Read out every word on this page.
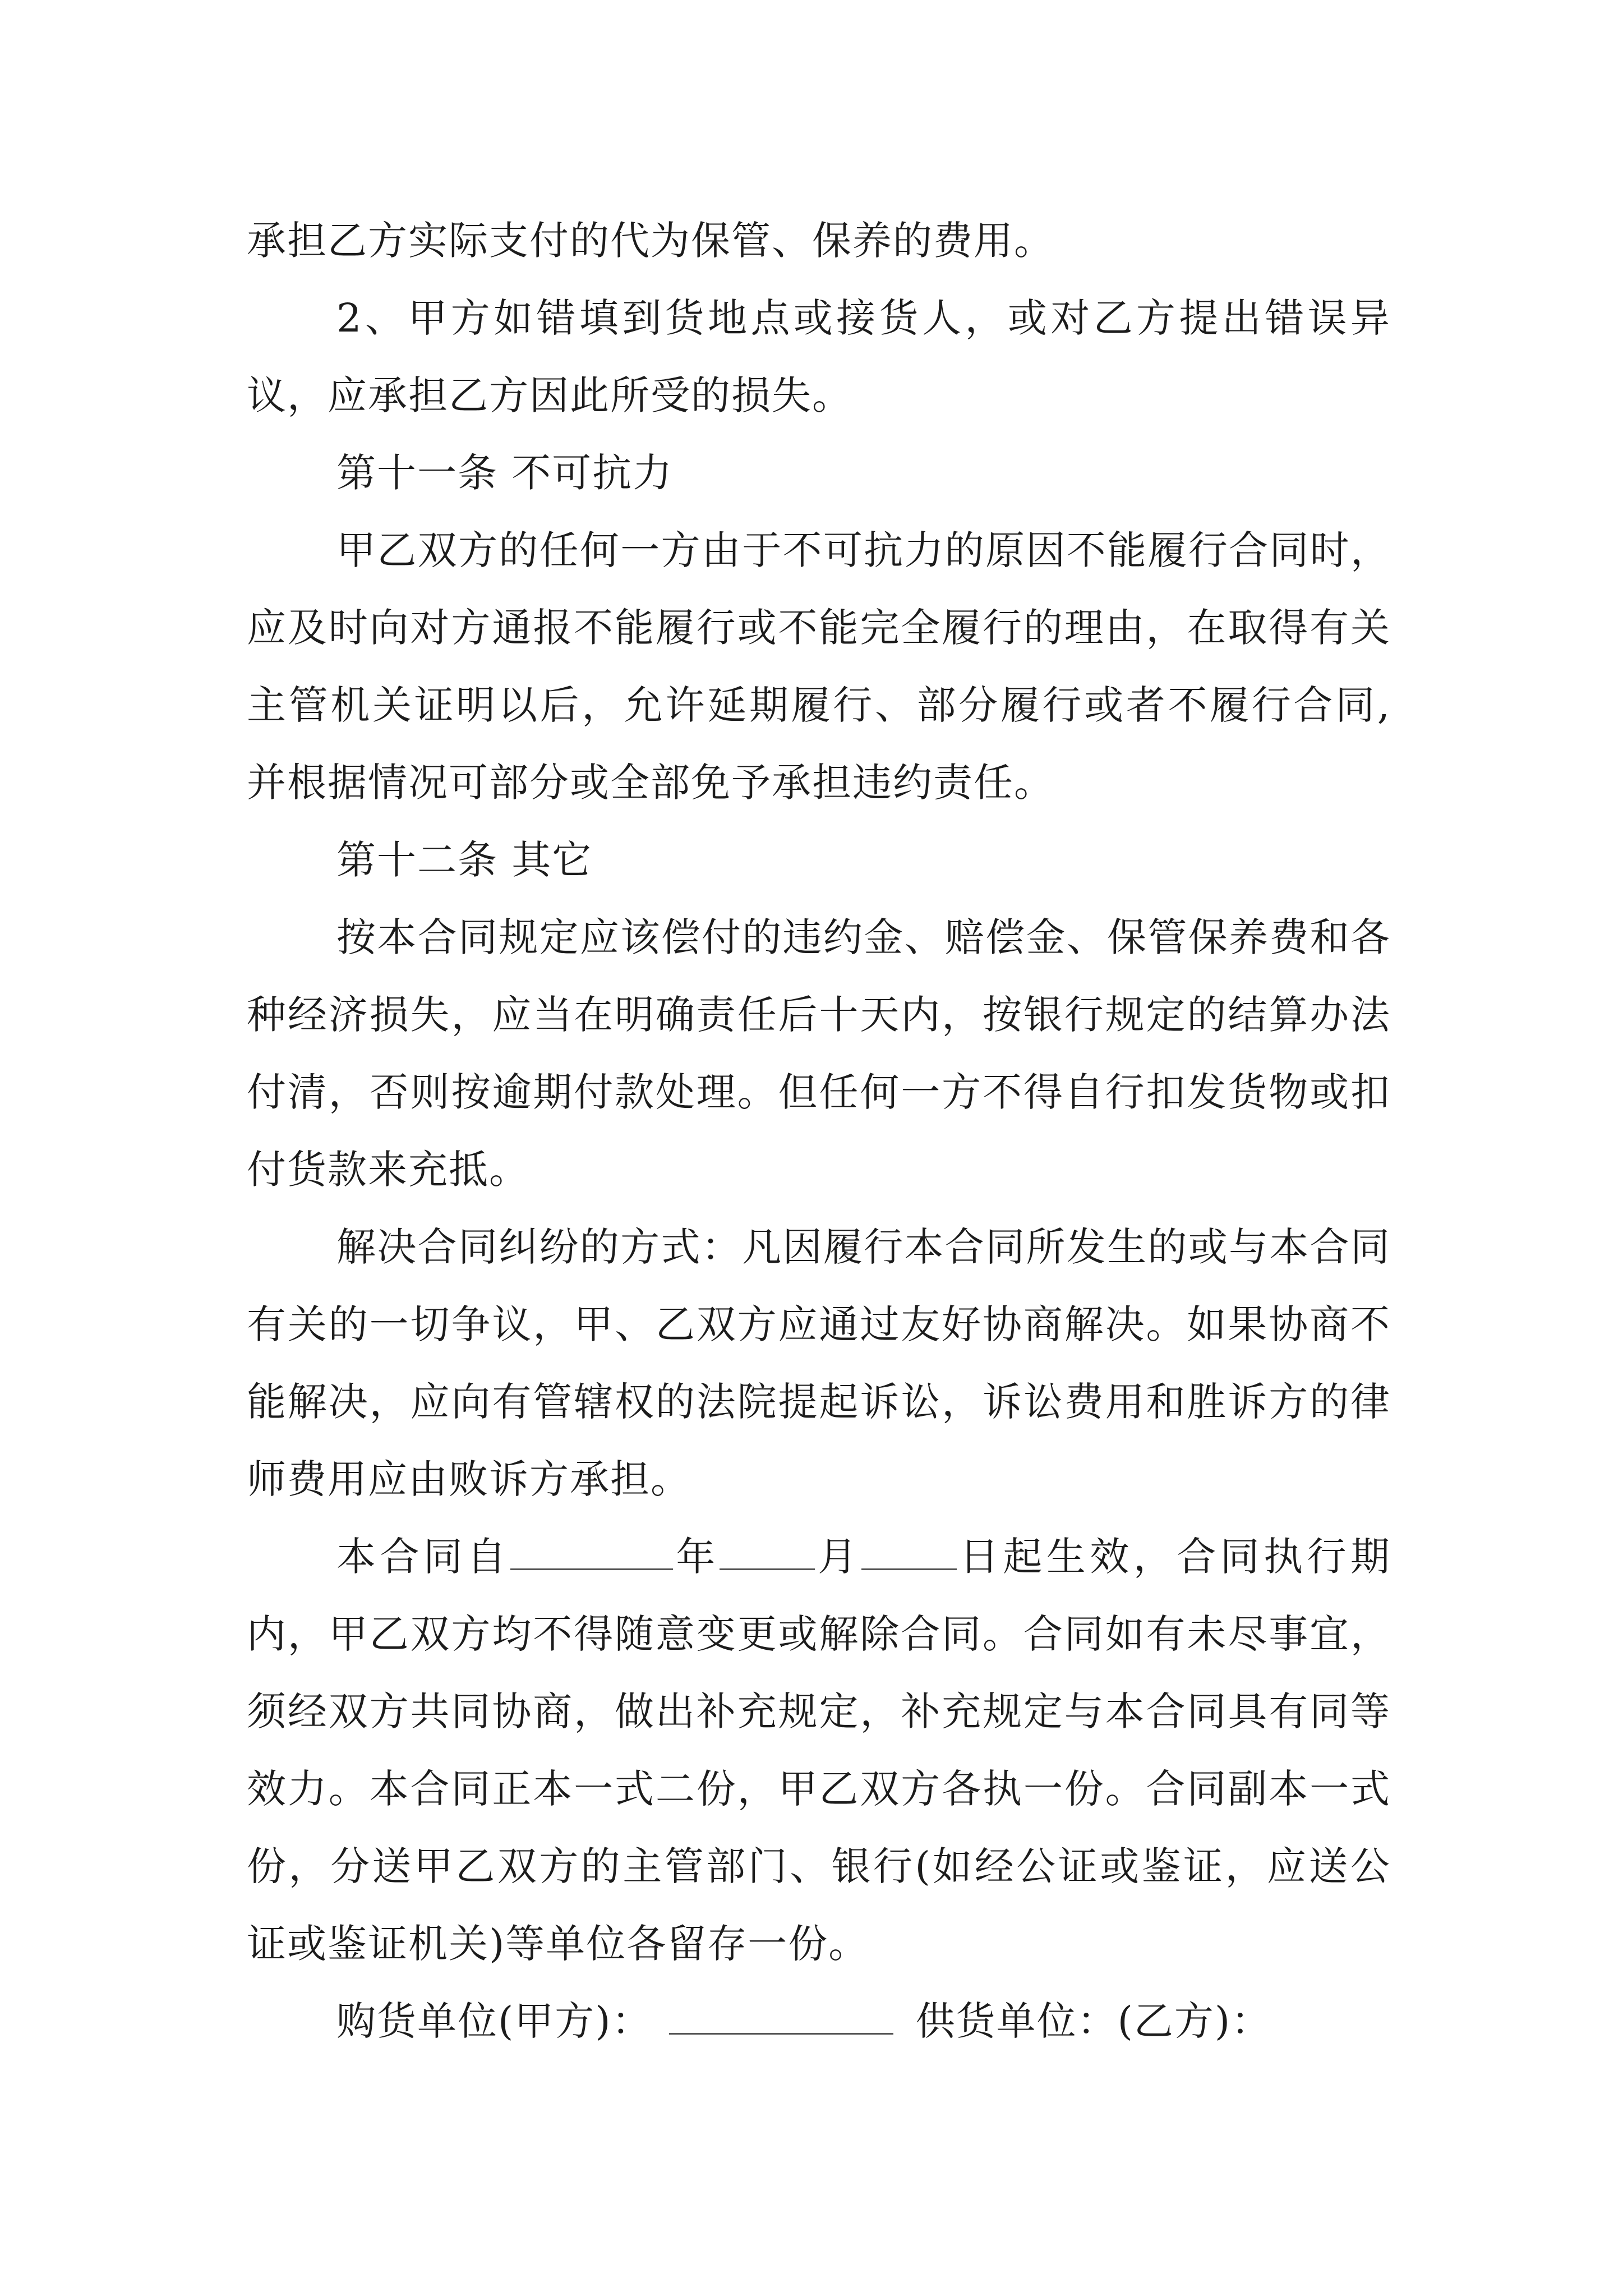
承担乙方实际支付的代为保管、保养的费用。

2、甲方如错填到货地点或接货人，或对乙方提出错误异议，应承担乙方因此所受的损失。

第十一条 不可抗力

甲乙双方的任何一方由于不可抗力的原因不能履行合同时，应及时向对方通报不能履行或不能完全履行的理由，在取得有关主管机关证明以后，允许延期履行、部分履行或者不履行合同,并根据情况可部分或全部免予承担违约责任。

第十二条 其它

按本合同规定应该偿付的违约金、赔偿金、保管保养费和各种经济损失，应当在明确责任后十天内，按银行规定的结算办法付清，否则按逾期付款处理。但任何一方不得自行扣发货物或扣付货款来充抵。

解决合同纠纷的方式：凡因履行本合同所发生的或与本合同有关的一切争议，甲、乙双方应通过友好协商解决。如果协商不能解决，应向有管辖权的法院提起诉讼，诉讼费用和胜诉方的律师费用应由败诉方承担。

本合同自	年 月 日起生效，合同执行期内，甲乙双方均不得随意变更或解除合同。合同如有未尽事宜，须经双方共同协商，做出补充规定，补充规定与本合同具有同等效力。本合同正本一式二份，甲乙双方各执一份。合同副本一式份，分送甲乙双方的主管部门、银行(如经公证或鉴证，应送公证或鉴证机关)等单位各留存一份。

购货单位(甲方)：	供货单位：(乙方)：
